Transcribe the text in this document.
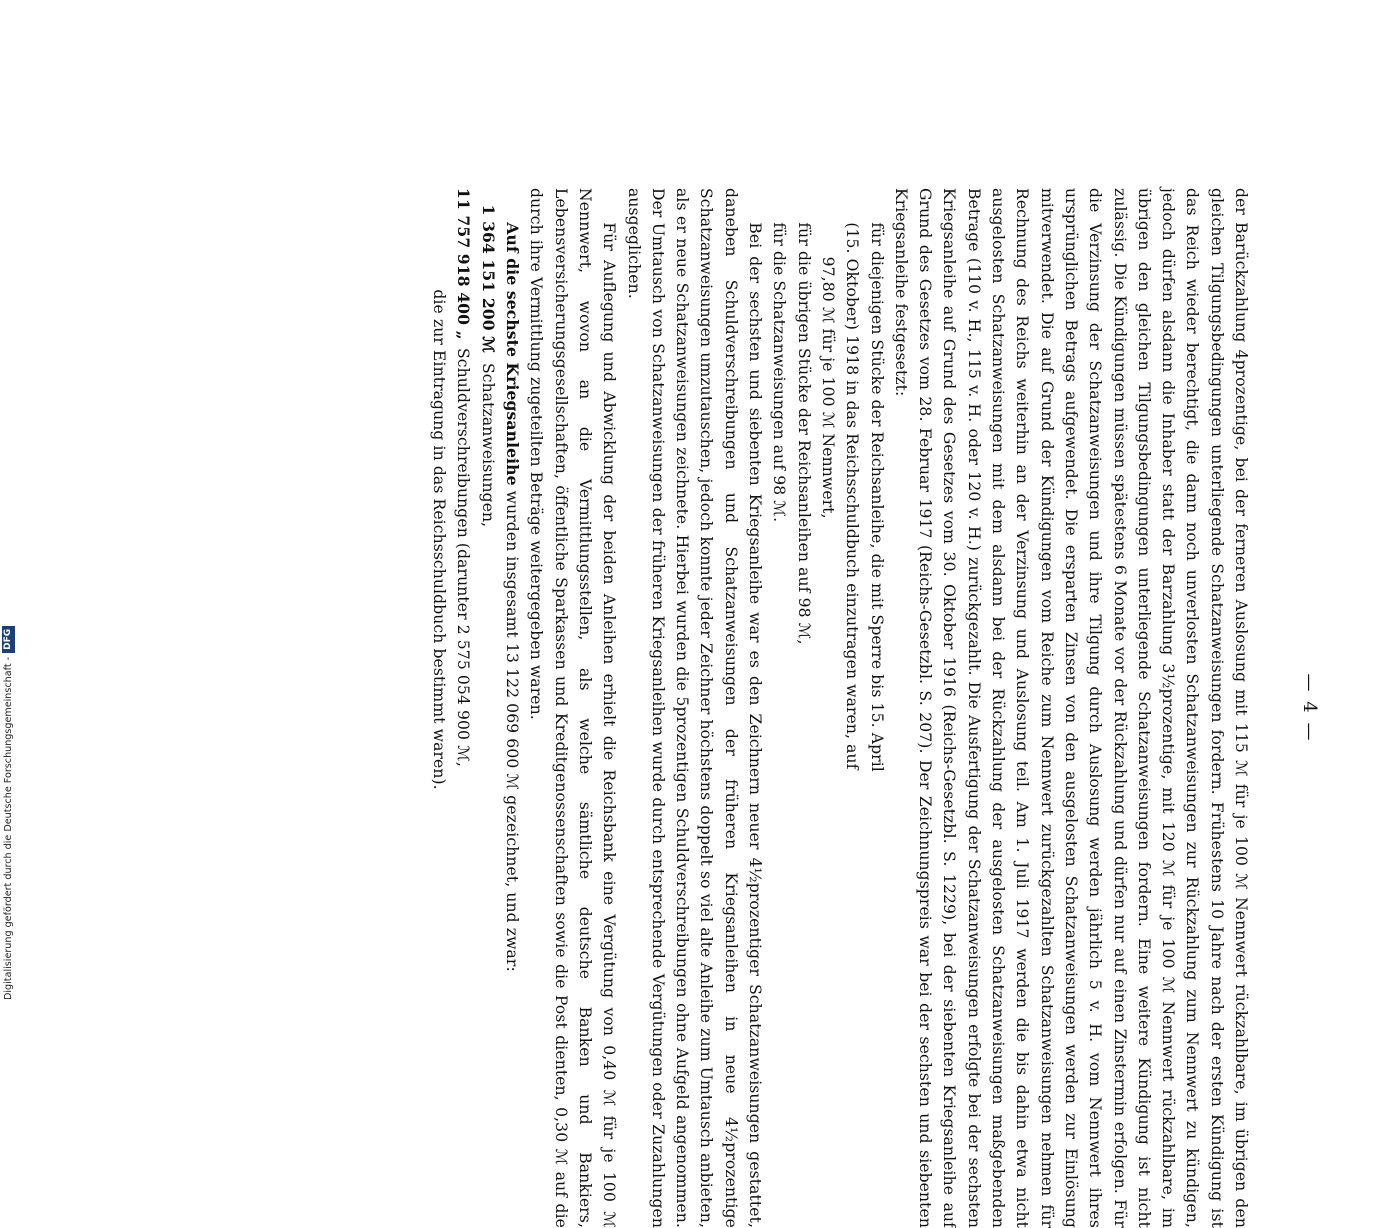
— 4 —

der Barückzahlung 4prozentige, bei der ferneren Auslosung mit 115 ℳ für je 100 ℳ Nennwert rückzahlbare, im übrigen den gleichen Tilgungsbedingungen unterliegende Schatzanweisungen fordern. Frühestens 10 Jahre nach der ersten Kündigung ist das Reich wieder berechtigt, die dann noch unverlosten Schatzanweisungen zur Rückzahlung zum Nennwert zu kündigen, jedoch dürfen alsdann die Inhaber statt der Barzahlung 3½prozentige, mit 120 ℳ für je 100 ℳ Nennwert rückzahlbare, im übrigen den gleichen Tilgungsbedingungen unterliegende Schatzanweisungen fordern. Eine weitere Kündigung ist nicht zulässig. Die Kündigungen müssen spätestens 6 Monate vor der Rückzahlung und dürfen nur auf einen Zinstermin erfolgen. Für die Verzinsung der Schatzanweisungen und ihre Tilgung durch Auslosung werden jährlich 5 v. H. vom Nennwert ihres ursprünglichen Betrags aufgewendet. Die ersparten Zinsen von den ausgelosten Schatzanweisungen werden zur Einlösung mitverwendet. Die auf Grund der Kündigungen vom Reiche zum Nennwert zurückgezahlten Schatzanweisungen nehmen für Rechnung des Reichs weiterhin an der Verzinsung und Auslosung teil. Am 1. Juli 1917 werden die bis dahin etwa nicht ausgelosten Schatzanweisungen mit dem alsdann bei der Rückzahlung der ausgelosten Schatzanweisungen maßgebenden Betrage (110 v. H., 115 v. H. oder 120 v. H.) zurückgezahlt. Die Ausfertigung der Schatzanweisungen erfolgte bei der sechsten Kriegsanleihe auf Grund des Gesetzes vom 30. Oktober 1916 (Reichs-Gesetzbl. S. 1229), bei der siebenten Kriegsanleihe auf Grund des Gesetzes vom 28. Februar 1917 (Reichs-Gesetzbl. S. 207). Der Zeichnungspreis war bei der sechsten und siebenten Kriegsanleihe festgesetzt:

für diejenigen Stücke der Reichsanleihe, die mit Sperre bis 15. April

(15. Oktober) 1918 in das Reichsschuldbuch einzutragen waren, auf

97,80 ℳ für je 100 ℳ Nennwert,

für die übrigen Stücke der Reichsanleihen auf 98 ℳ,

für die Schatzanweisungen auf 98 ℳ.

Bei der sechsten und siebenten Kriegsanleihe war es den Zeichnern neuer 4½prozentiger Schatzanweisungen gestattet, daneben Schuldverschreibungen und Schatzanweisungen der früheren Kriegsanleihen in neue 4½prozentige Schatzanweisungen umzutauschen, jedoch konnte jeder Zeichner höchstens doppelt so viel alte Anleihe zum Umtausch anbieten, als er neue Schatzanweisungen zeichnete. Hierbei wurden die 5prozentigen Schuldverschreibungen ohne Aufgeld angenommen. Der Umtausch von Schatzanweisungen der früheren Kriegsanleihen wurde durch entsprechende Vergütungen oder Zuzahlungen ausgeglichen.

Für Auflegung und Abwicklung der beiden Anleihen erhielt die Reichsbank eine Vergütung von 0,40 ℳ für je 100 ℳ Nennwert, wovon an die Vermittlungsstellen, als welche sämtliche deutsche Banken und Bankiers, Lebensversicherungsgesellschaften, öffentliche Sparkassen und Kreditgenossenschaften sowie die Post dienten, 0,30 ℳ auf die durch ihre Vermittlung zugeteilten Beträge weitergegeben waren.

Auf die sechste Kriegsanleihe wurden insgesamt 13 122 069 600 ℳ gezeichnet, und zwar:

1 364 151 200 ℳ
Schatzanweisungen,
11 757 918 400 „
Schuldverschreibungen (darunter 2 575 054 900 ℳ,

die zur Eintragung in das Reichsschuldbuch bestimmt waren).

Digitalisierung gefördert durch die Deutsche Forschungsgemeinschaft -DFG
